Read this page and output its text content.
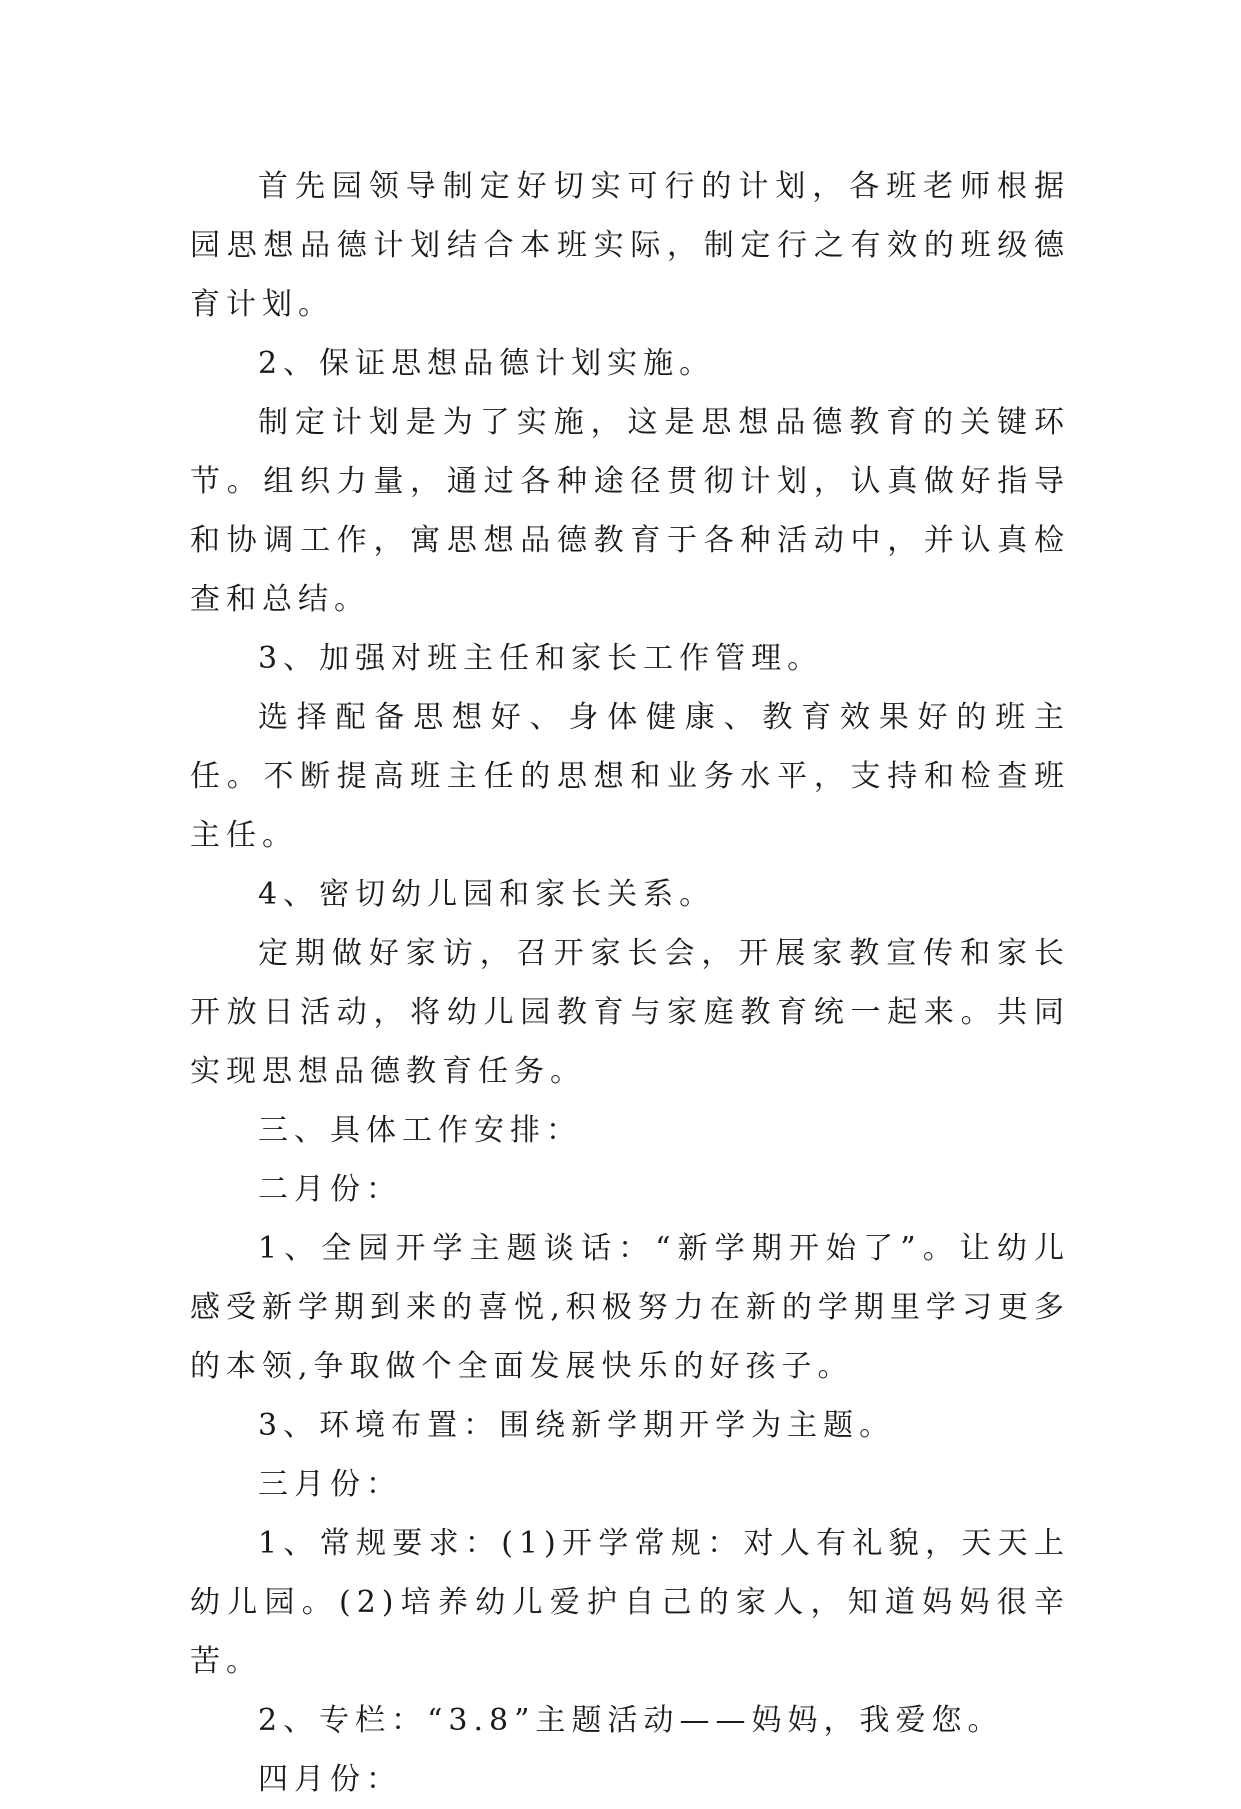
首先园领导制定好切实可行的计划，各班老师根据园思想品德计划结合本班实际，制定行之有效的班级德育计划。

2、保证思想品德计划实施。

制定计划是为了实施，这是思想品德教育的关键环节。组织力量，通过各种途径贯彻计划，认真做好指导和协调工作，寓思想品德教育于各种活动中，并认真检查和总结。

3、加强对班主任和家长工作管理。

选择配备思想好、身体健康、教育效果好的班主任。不断提高班主任的思想和业务水平，支持和检查班主任。

4、密切幼儿园和家长关系。

定期做好家访，召开家长会，开展家教宣传和家长开放日活动，将幼儿园教育与家庭教育统一起来。共同实现思想品德教育任务。

三、具体工作安排：

二月份：

1、全园开学主题谈话：“新学期开始了”。让幼儿感受新学期到来的喜悦,积极努力在新的学期里学习更多的本领,争取做个全面发展快乐的好孩子。

3、环境布置：围绕新学期开学为主题。

三月份：

1、常规要求：(1)开学常规：对人有礼貌，天天上幼儿园。(2)培养幼儿爱护自己的家人，知道妈妈很辛苦。

2、专栏：“3.8”主题活动——妈妈，我爱您。

四月份：
